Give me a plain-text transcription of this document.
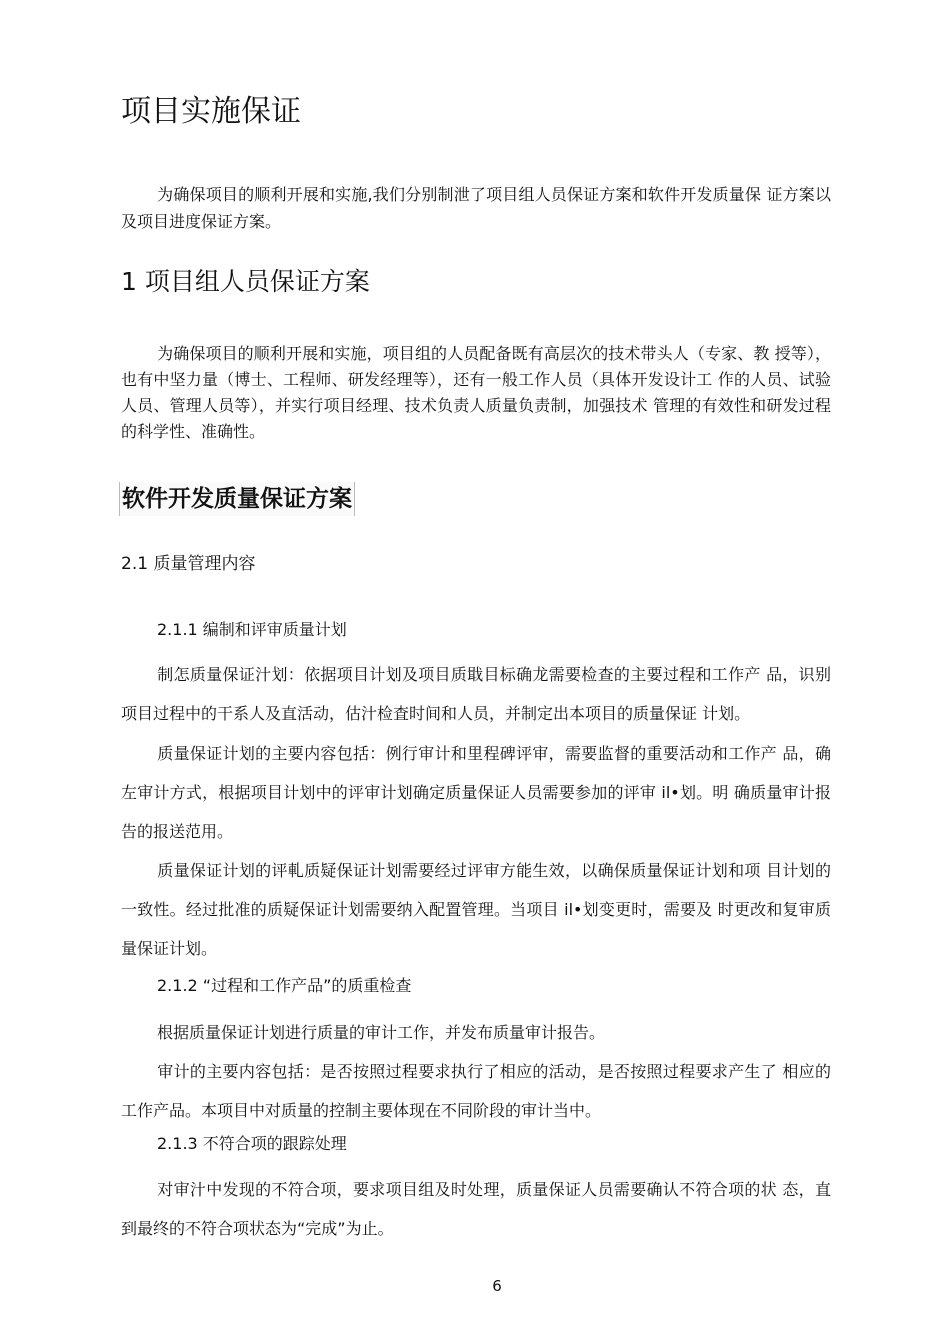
项目实施保证

为确保项目的顺利开展和实施,我们分别制泄了项目组人员保证方案和软件开发质量保 证方案以及项目进度保证方案。

1 项目组人员保证方案

为确保项目的顺利开展和实施，项目组的人员配备既有高层次的技术带头人（专家、教 授等），也有中坚力量（博士、工程师、研发经理等），还有一般工作人员（具体开发设计工 作的人员、试验人员、管理人员等），并实行项目经理、技术负责人质量负责制，加强技术 管理的有效性和研发过程的科学性、准确性。

软件开发质量保证方案
2.1 质量管理内容
2.1.1 编制和评审质量计划

制怎质量保证汁划：依据项目计划及项目质戢目标确龙需要检查的主要过程和工作产 品，识别项目过程中的干系人及直活动，估汁检査时间和人员，并制定出本项目的质量保证 计划。

质量保证计划的主要内容包括：例行审计和里程碑评审，需要监督的重要活动和工作产 品，确左审计方式，根据项目计划中的评审计划确定质量保证人员需要参加的评审 il•划。明 确质量审计报告的报送范用。

质量保证计划的评軋质疑保证计划需要经过评审方能生效，以确保质量保证计划和项 目计划的一致性。经过批准的质疑保证计划需要纳入配置管理。当项目 il•划变更时，需要及 时更改和复审质量保证计划。

2.1.2 “过程和工作产品”的质重检查

根据质量保证计划进行质量的审计工作，并发布质量审计报告。

审计的主要内容包括：是否按照过程要求执行了相应的活动，是否按照过程要求产生了 相应的工作产品。本项目中对质量的控制主要体现在不同阶段的审计当中。

2.1.3 不符合项的跟踪处理

对审汁中发现的不符合项，要求项目组及时处理，质量保证人员需要确认不符合项的状 态，直到最终的不符合项状态为“完成”为止。

6
